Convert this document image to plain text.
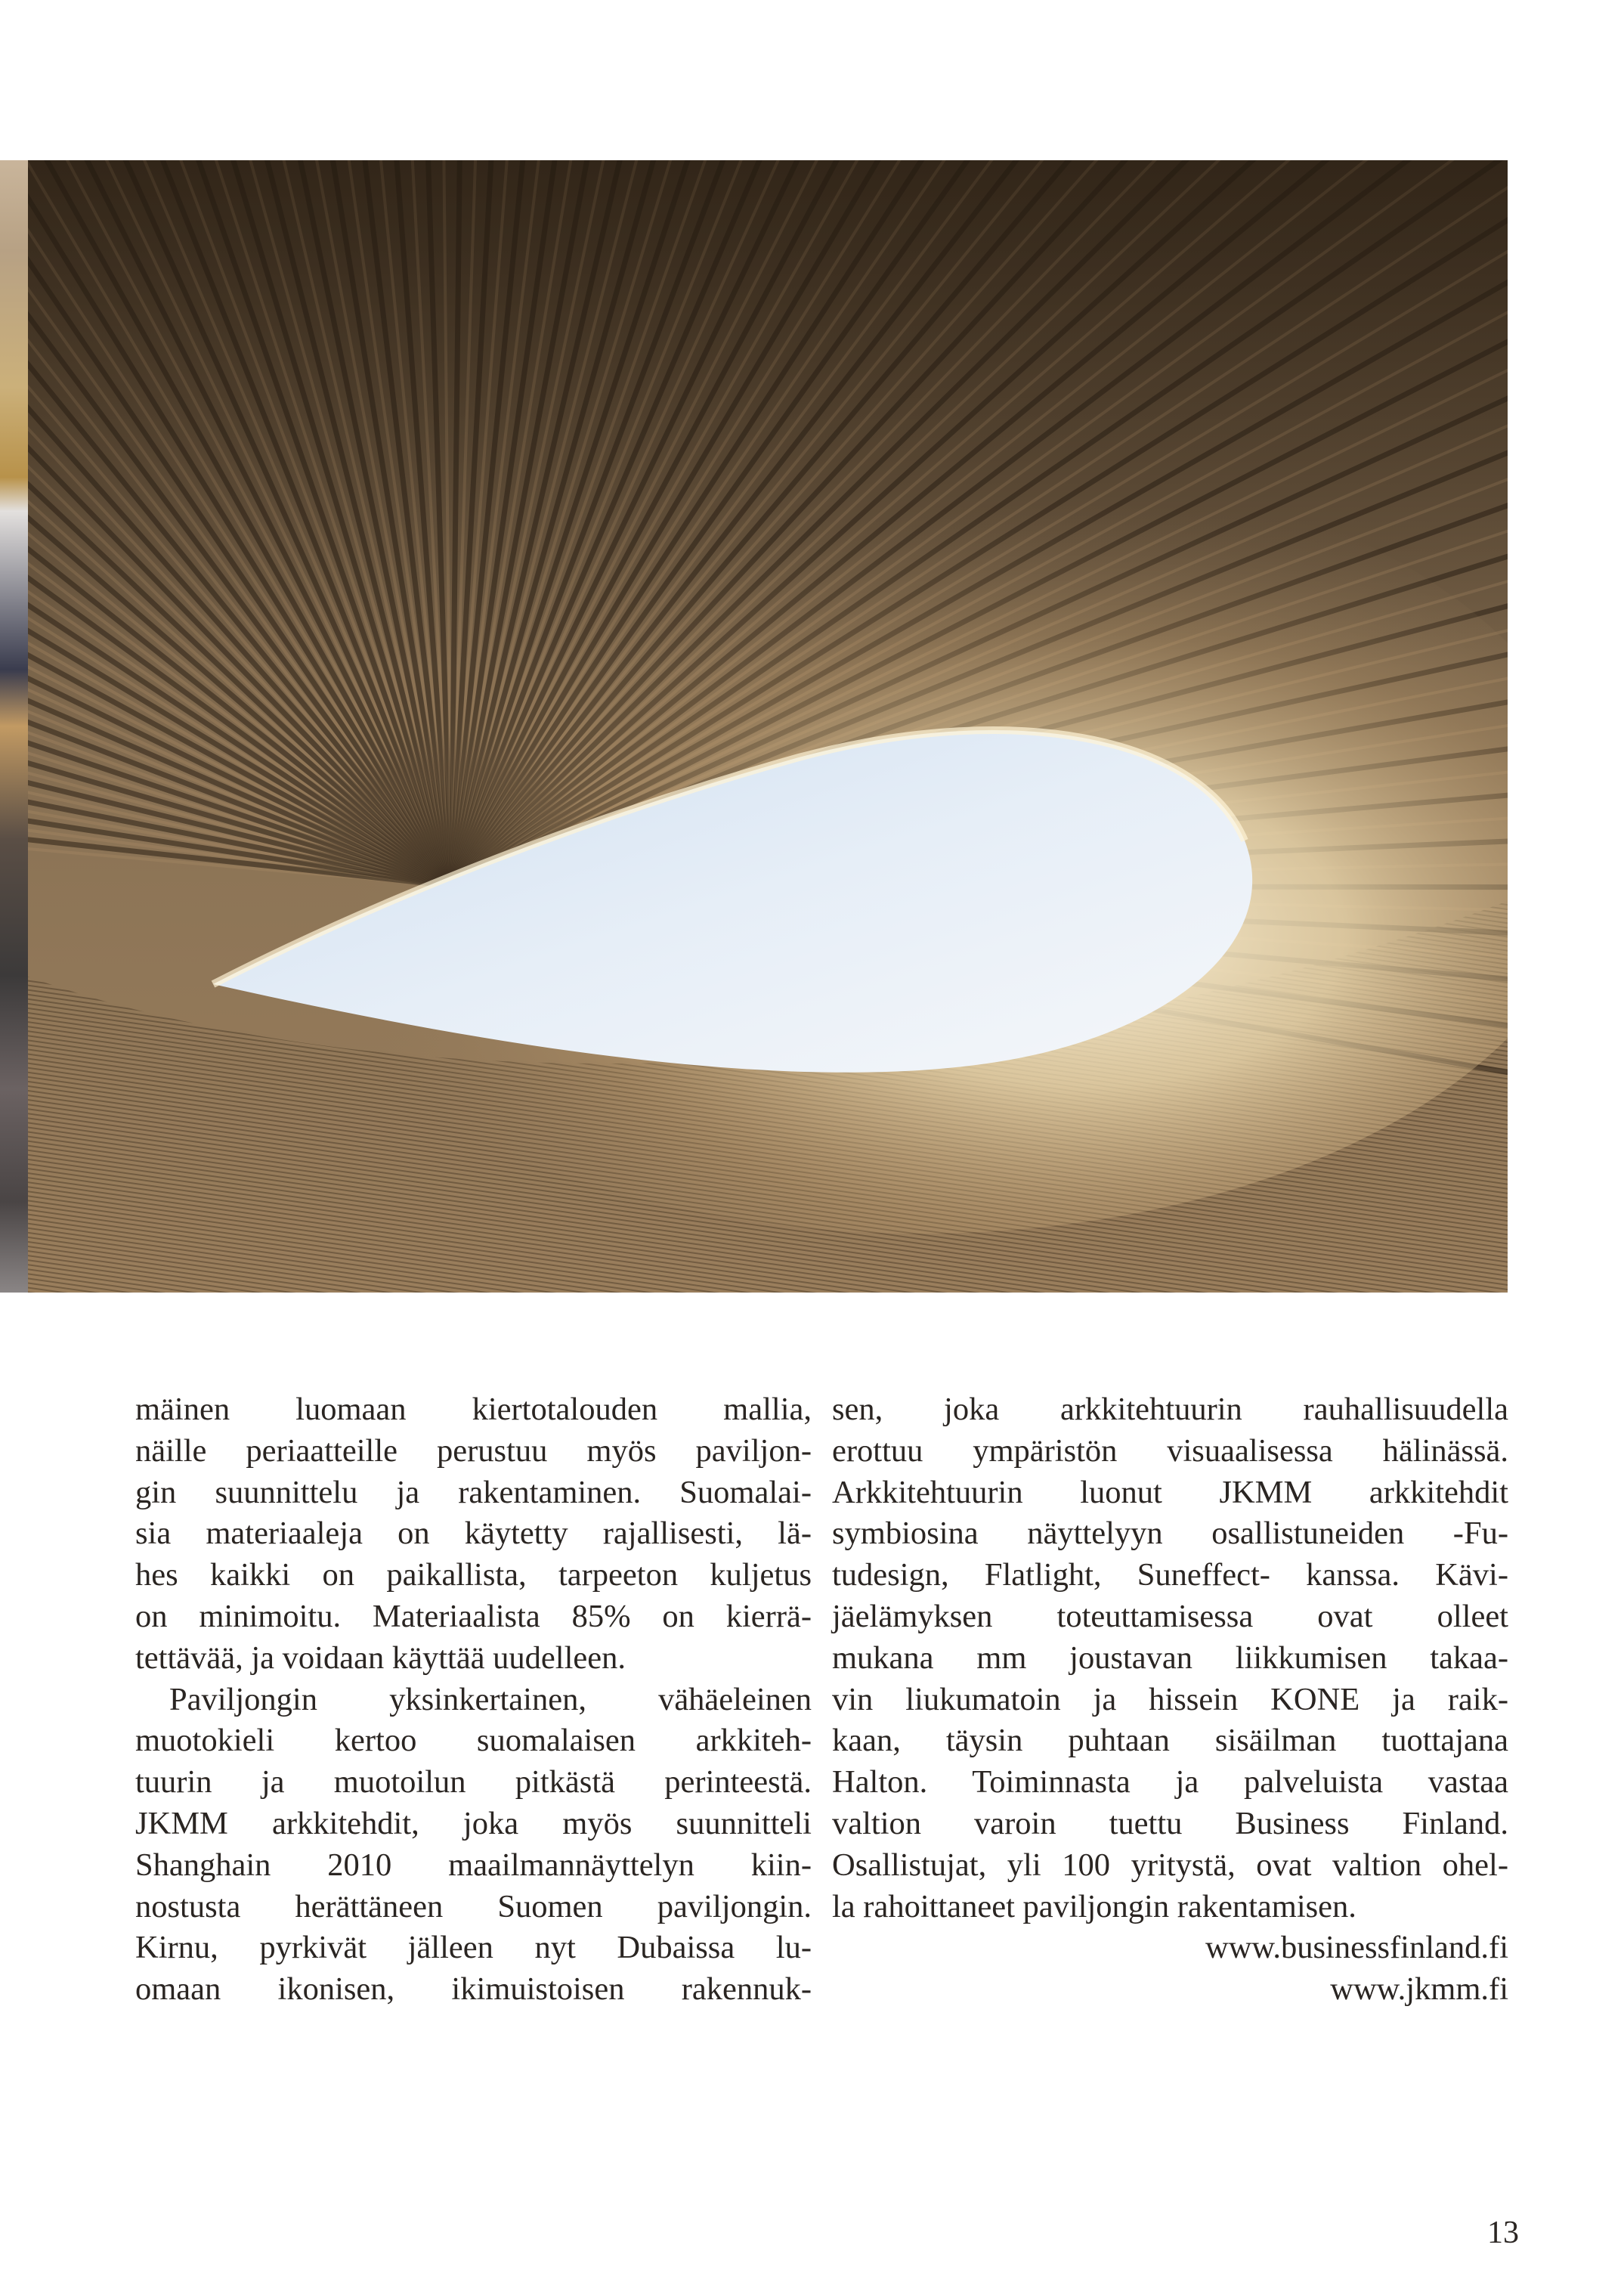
mäinen luomaan kiertotalouden mallia,
näille periaatteille perustuu myös paviljon-
gin suunnittelu ja rakentaminen. Suomalai-
sia materiaaleja on käytetty rajallisesti, lä-
hes kaikki on paikallista, tarpeeton kuljetus
on minimoitu. Materiaalista 85% on kierrä-
tettävää, ja voidaan käyttää uudelleen.

Paviljongin yksinkertainen, vähäeleinen
muotokieli kertoo suomalaisen arkkiteh-
tuurin ja muotoilun pitkästä perinteestä.
JKMM arkkitehdit, joka myös suunnitteli
Shanghain 2010 maailmannäyttelyn kiin-
nostusta herättäneen Suomen paviljongin.
Kirnu, pyrkivät jälleen nyt Dubaissa lu-
omaan ikonisen, ikimuistoisen rakennuk-

sen, joka arkkitehtuurin rauhallisuudella
erottuu ympäristön visuaalisessa hälinässä.
Arkkitehtuurin luonut JKMM arkkitehdit
symbiosina näyttelyyn osallistuneiden -Fu-
tudesign, Flatlight, Suneffect- kanssa. Kävi-
jäelämyksen toteuttamisessa ovat olleet
mukana mm joustavan liikkumisen takaa-
vin liukumatoin ja hissein KONE ja raik-
kaan, täysin puhtaan sisäilman tuottajana
Halton. Toiminnasta ja palveluista vastaa
valtion varoin tuettu Business Finland.
Osallistujat, yli 100 yritystä, ovat valtion ohel-
la rahoittaneet paviljongin rakentamisen.

www.businessfinland.fi
www.jkmm.fi
13
